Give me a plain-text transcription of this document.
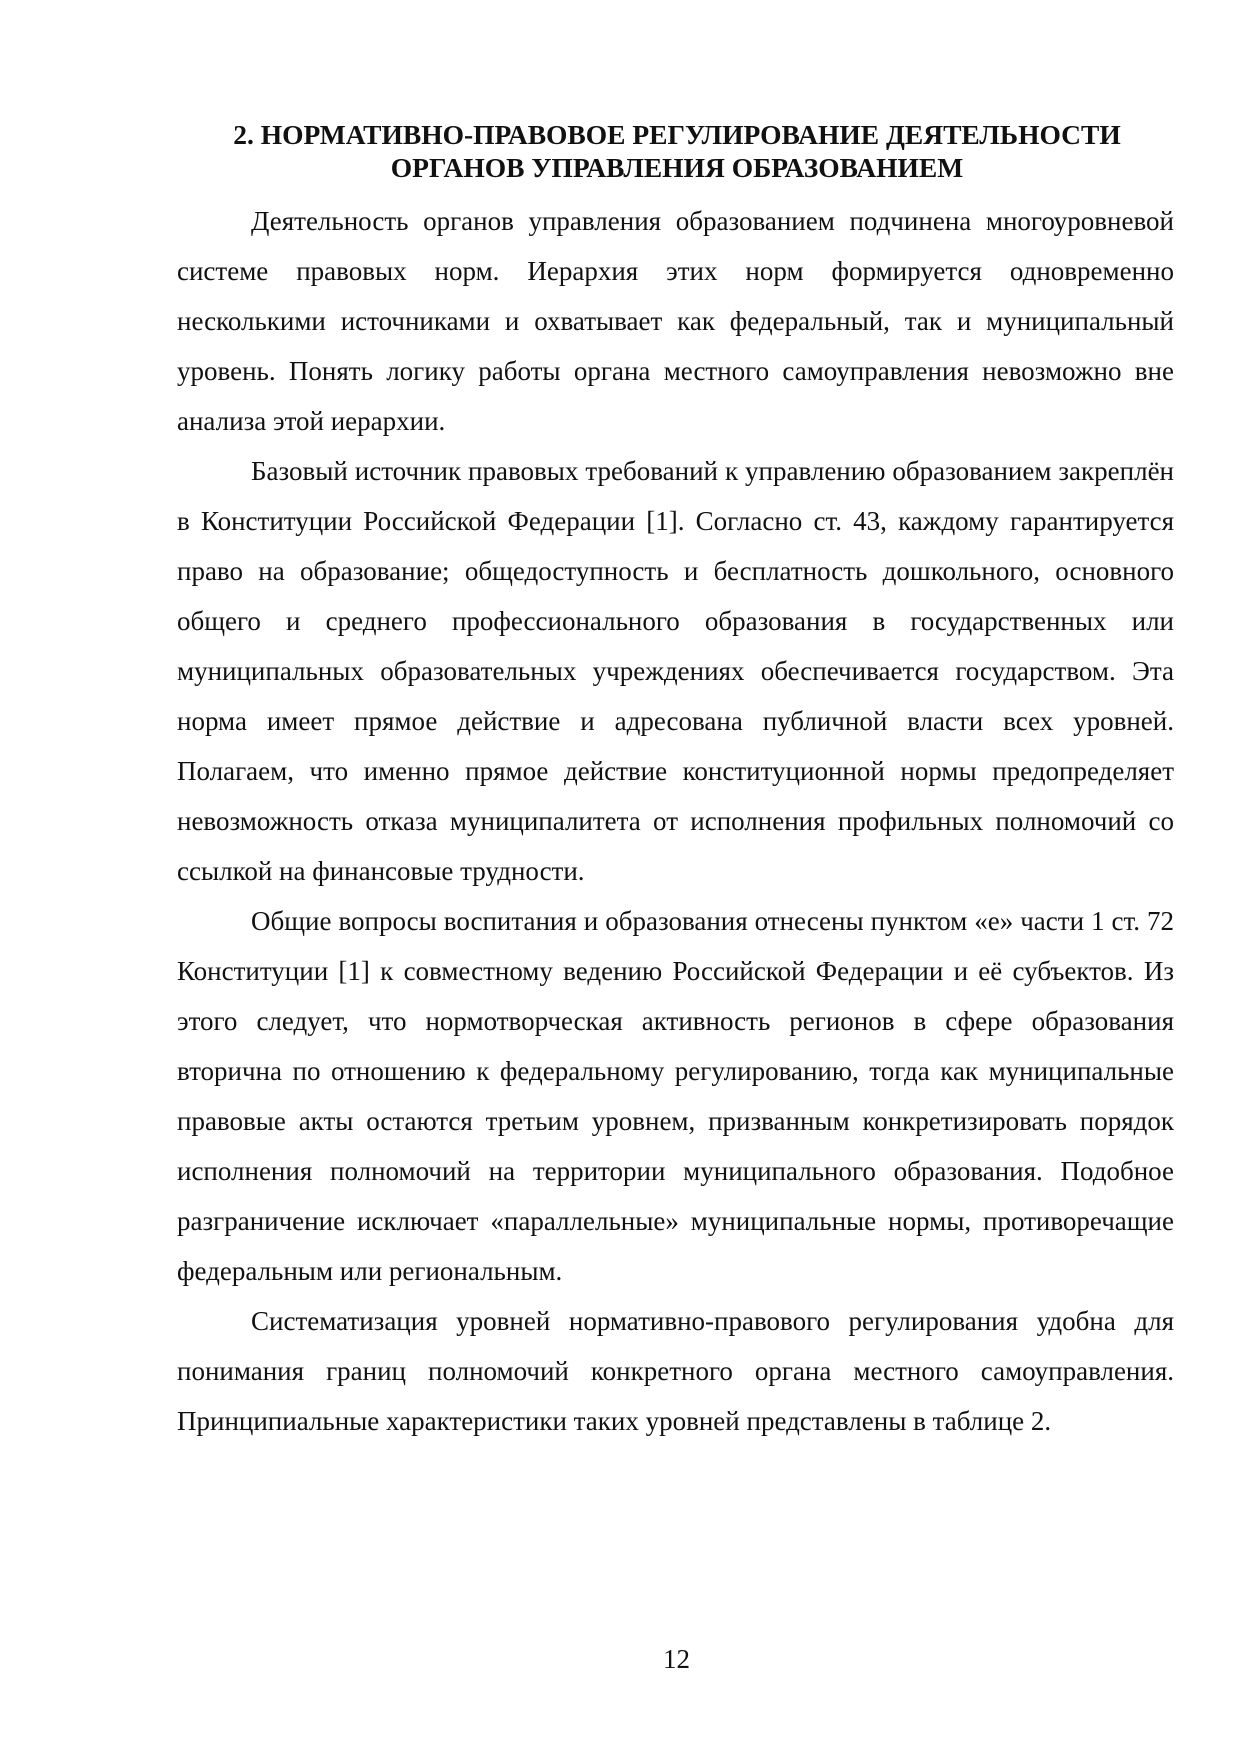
2. НОРМАТИВНО-ПРАВОВОЕ РЕГУЛИРОВАНИЕ ДЕЯТЕЛЬНОСТИ
ОРГАНОВ УПРАВЛЕНИЯ ОБРАЗОВАНИЕМ

Деятельность органов управления образованием подчинена многоуровневой системе правовых норм. Иерархия этих норм формируется одновременно несколькими источниками и охватывает как федеральный, так и муниципальный уровень. Понять логику работы органа местного самоуправления невозможно вне анализа этой иерархии.

Базовый источник правовых требований к управлению образованием закреплён в Конституции Российской Федерации [1]. Согласно ст. 43, каждому гарантируется право на образование; общедоступность и бесплатность дошкольного, основного общего и среднего профессионального образования в государственных или муниципальных образовательных учреждениях обеспечивается государством. Эта норма имеет прямое действие и адресована публичной власти всех уровней. Полагаем, что именно прямое действие конституционной нормы предопределяет невозможность отказа муниципалитета от исполнения профильных полномочий со ссылкой на финансовые трудности.

Общие вопросы воспитания и образования отнесены пунктом «е» части 1 ст. 72 Конституции [1] к совместному ведению Российской Федерации и её субъектов. Из этого следует, что нормотворческая активность регионов в сфере образования вторична по отношению к федеральному регулированию, тогда как муниципальные правовые акты остаются третьим уровнем, призванным конкретизировать порядок исполнения полномочий на территории муниципального образования. Подобное разграничение исключает «параллельные» муниципальные нормы, противоречащие федеральным или региональным.

Систематизация уровней нормативно-правового регулирования удобна для понимания границ полномочий конкретного органа местного самоуправления. Принципиальные характеристики таких уровней представлены в таблице 2.

12
